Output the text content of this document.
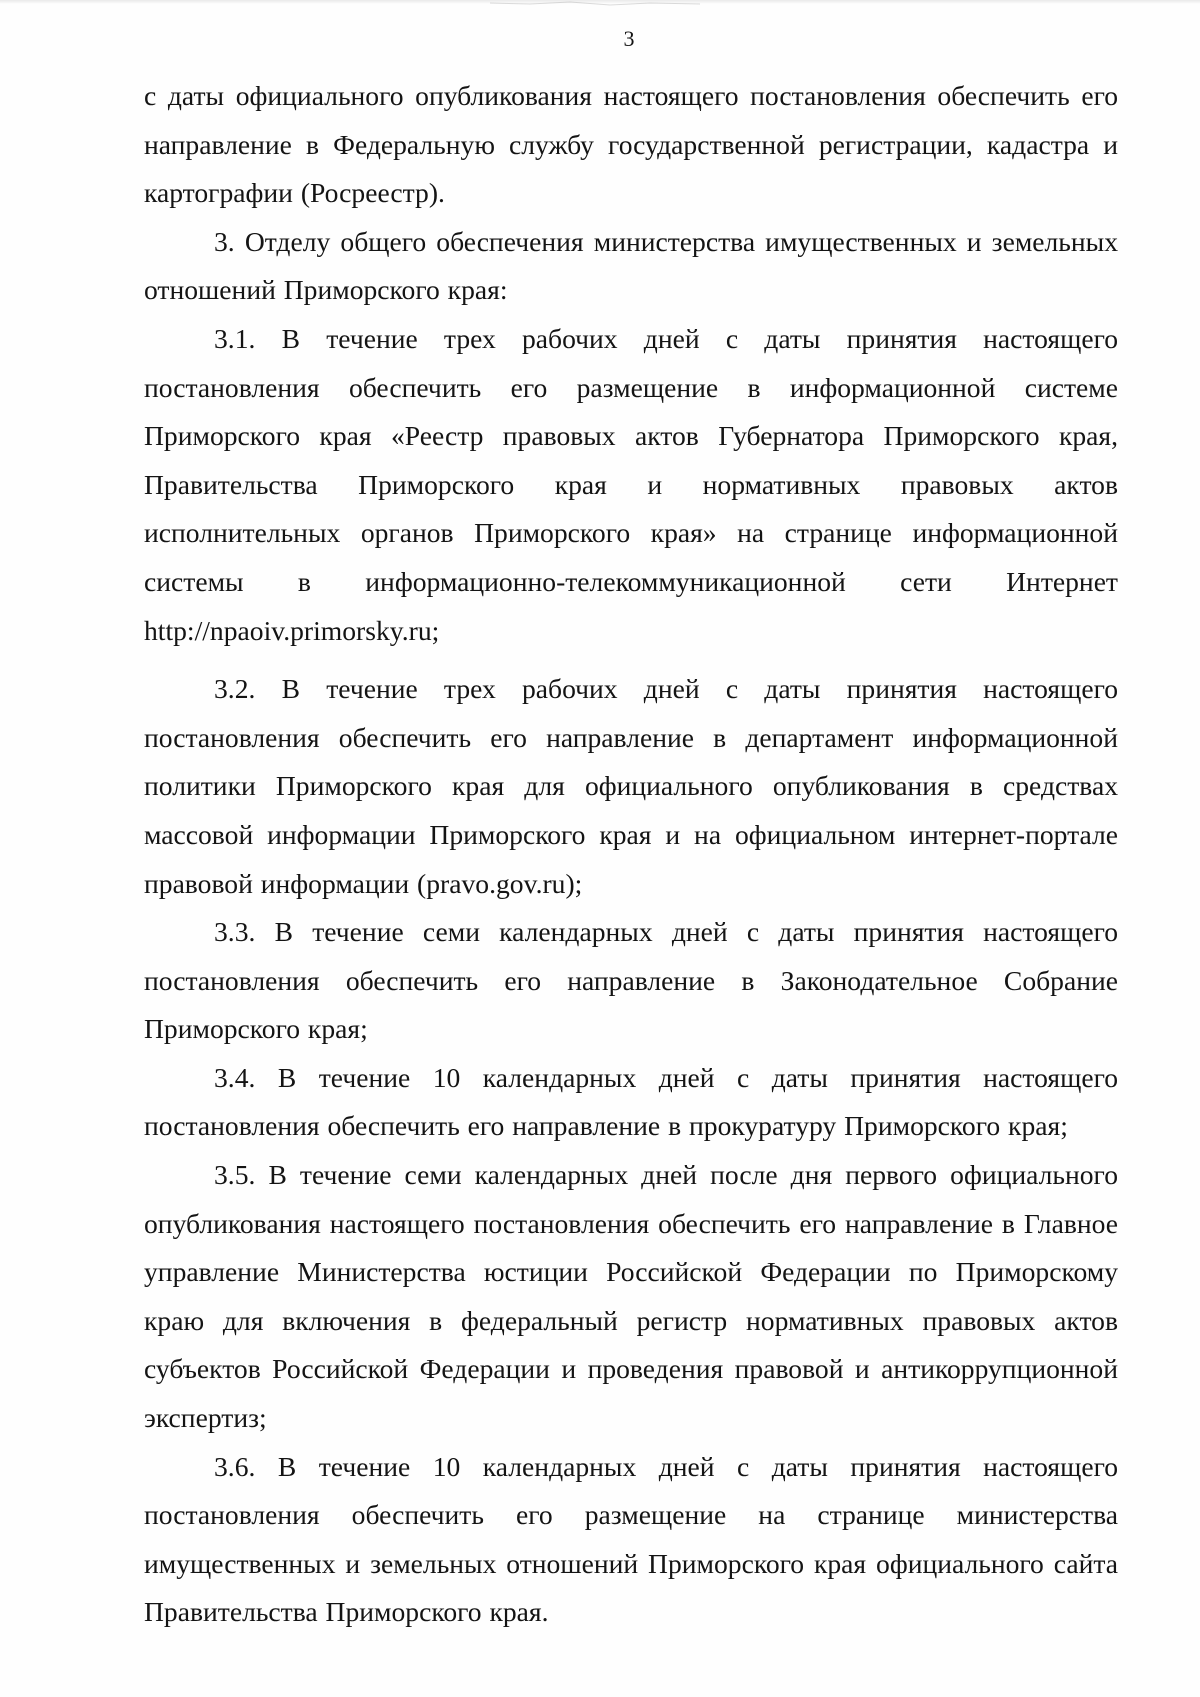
3

с даты официального опубликования настоящего постановления обеспечить его направление в Федеральную службу государственной регистрации, кадастра и картографии (Росреестр).

3. Отделу общего обеспечения министерства имущественных и земельных отношений Приморского края:

3.1. В течение трех рабочих дней с даты принятия настоящего постановления обеспечить его размещение в информационной системе Приморского края «Реестр правовых актов Губернатора Приморского края, Правительства Приморского края и нормативных правовых актов исполнительных органов Приморского края» на странице информационной системы в информационно-телекоммуникационной сети Интернет http://npaoiv.primorsky.ru;

3.2. В течение трех рабочих дней с даты принятия настоящего постановления обеспечить его направление в департамент информационной политики Приморского края для официального опубликования в средствах массовой информации Приморского края и на официальном интернет-портале правовой информации (pravo.gov.ru);

3.3. В течение семи календарных дней с даты принятия настоящего постановления обеспечить его направление в Законодательное Собрание Приморского края;

3.4. В течение 10 календарных дней с даты принятия настоящего постановления обеспечить его направление в прокуратуру Приморского края;

3.5. В течение семи календарных дней после дня первого официального опубликования настоящего постановления обеспечить его направление в Главное управление Министерства юстиции Российской Федерации по Приморскому краю для включения в федеральный регистр нормативных правовых актов субъектов Российской Федерации и проведения правовой и антикоррупционной экспертиз;

3.6. В течение 10 календарных дней с даты принятия настоящего постановления обеспечить его размещение на странице министерства имущественных и земельных отношений Приморского края официального сайта Правительства Приморского края.
